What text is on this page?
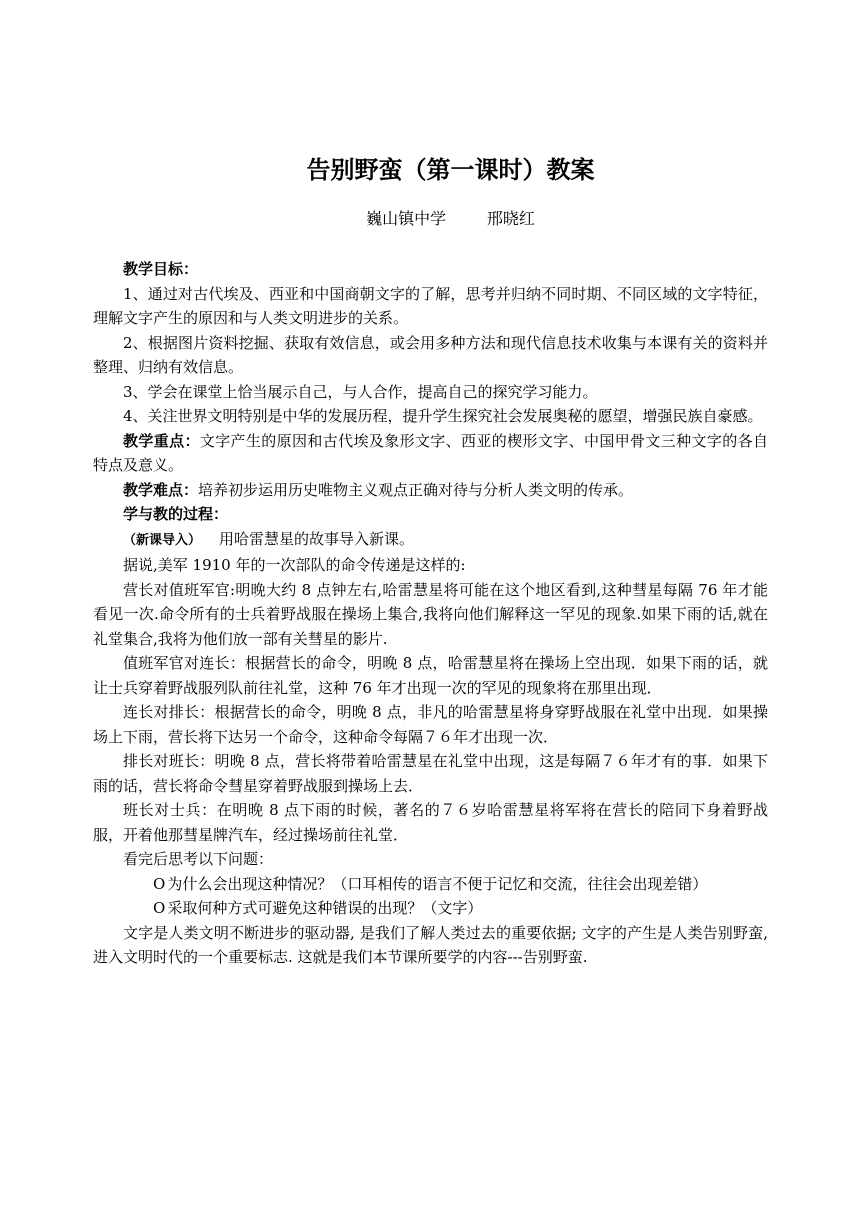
告别野蛮（第一课时）教案
巍山镇中学        邢晓红

教学目标：

1、通过对古代埃及、西亚和中国商朝文字的了解，思考并归纳不同时期、不同区域的文字特征，理解文字产生的原因和与人类文明进步的关系。

2、根据图片资料挖掘、获取有效信息，或会用多种方法和现代信息技术收集与本课有关的资料并整理、归纳有效信息。

3、学会在课堂上恰当展示自己，与人合作，提高自己的探究学习能力。

4、关注世界文明特别是中华的发展历程，提升学生探究社会发展奥秘的愿望，增强民族自豪感。

教学重点：文字产生的原因和古代埃及象形文字、西亚的楔形文字、中国甲骨文三种文字的各自特点及意义。

教学难点：培养初步运用历史唯物主义观点正确对待与分析人类文明的传承。

学与教的过程：

（新课导入） 用哈雷慧星的故事导入新课。

据说,美军 1910 年的一次部队的命令传递是这样的:

营长对值班军官:明晚大约 8 点钟左右,哈雷慧星将可能在这个地区看到,这种彗星每隔 76 年才能看见一次.命令所有的士兵着野战服在操场上集合,我将向他们解释这一罕见的现象.如果下雨的话,就在礼堂集合,我将为他们放一部有关彗星的影片.

值班军官对连长：根据营长的命令，明晚 8 点，哈雷慧星将在操场上空出现．如果下雨的话，就让士兵穿着野战服列队前往礼堂，这种 76 年才出现一次的罕见的现象将在那里出现．

连长对排长：根据营长的命令，明晚 8 点，非凡的哈雷慧星将身穿野战服在礼堂中出现．如果操场上下雨，营长将下达另一个命令，这种命令每隔７６年才出现一次．

排长对班长：明晚 8 点，营长将带着哈雷慧星在礼堂中出现，这是每隔７６年才有的事．如果下雨的话，营长将命令彗星穿着野战服到操场上去．

班长对士兵：在明晚 8 点下雨的时候，著名的７６岁哈雷慧星将军将在营长的陪同下身着野战服，开着他那彗星牌汽车，经过操场前往礼堂．

看完后思考以下问题：

O 为什么会出现这种情况？（口耳相传的语言不便于记忆和交流，往往会出现差错）

O 采取何种方式可避免这种错误的出现？（文字）

文字是人类文明不断进步的驱动器, 是我们了解人类过去的重要依据; 文字的产生是人类告别野蛮, 进入文明时代的一个重要标志. 这就是我们本节课所要学的内容---告别野蛮.
